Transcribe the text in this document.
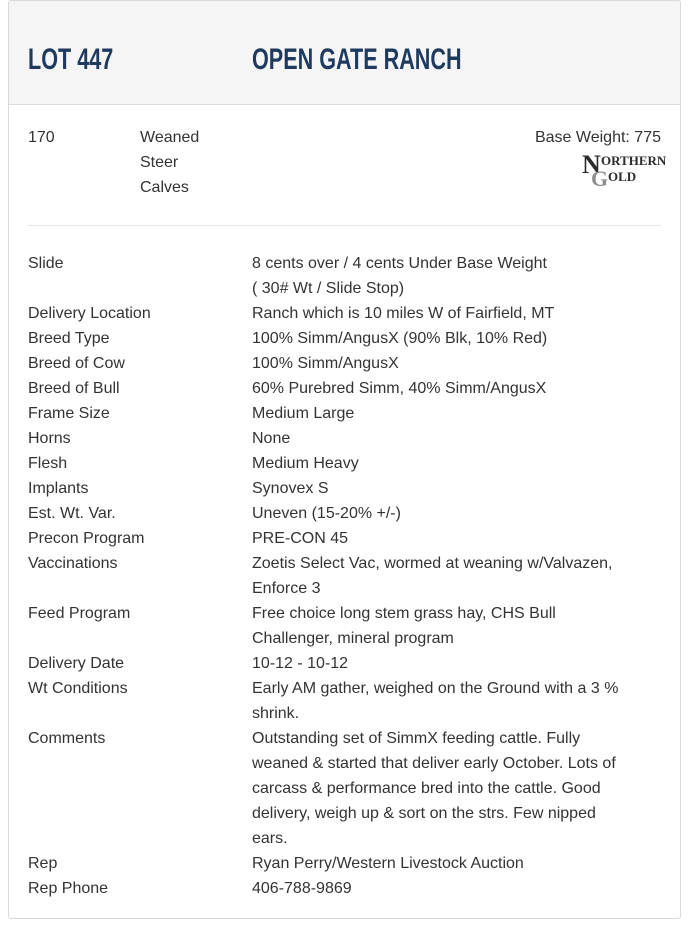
LOT 447	OPEN GATE RANCH
170	Weaned
Steer
Calves
Base Weight: 775
Slide	8 cents over / 4 cents Under Base Weight
( 30# Wt / Slide Stop)
Delivery Location	Ranch which is 10 miles W of Fairfield, MT
Breed Type	100% Simm/AngusX (90% Blk, 10% Red)
Breed of Cow	100% Simm/AngusX
Breed of Bull	60% Purebred Simm, 40% Simm/AngusX
Frame Size	Medium Large
Horns	None
Flesh	Medium Heavy
Implants	Synovex S
Est. Wt. Var.	Uneven (15-20% +/-)
Precon Program	PRE-CON 45
Vaccinations	Zoetis Select Vac, wormed at weaning w/Valvazen,
Enforce 3
Feed Program	Free choice long stem grass hay, CHS Bull
Challenger, mineral program
Delivery Date	10-12 - 10-12
Wt Conditions	Early AM gather, weighed on the Ground with a 3 %
shrink.
Comments	Outstanding set of SimmX feeding cattle. Fully
weaned & started that deliver early October. Lots of
carcass & performance bred into the cattle. Good
delivery, weigh up & sort on the strs. Few nipped
ears.
Rep	Ryan Perry/Western Livestock Auction
Rep Phone	406-788-9869
N
G
ORTHERN
OLD
